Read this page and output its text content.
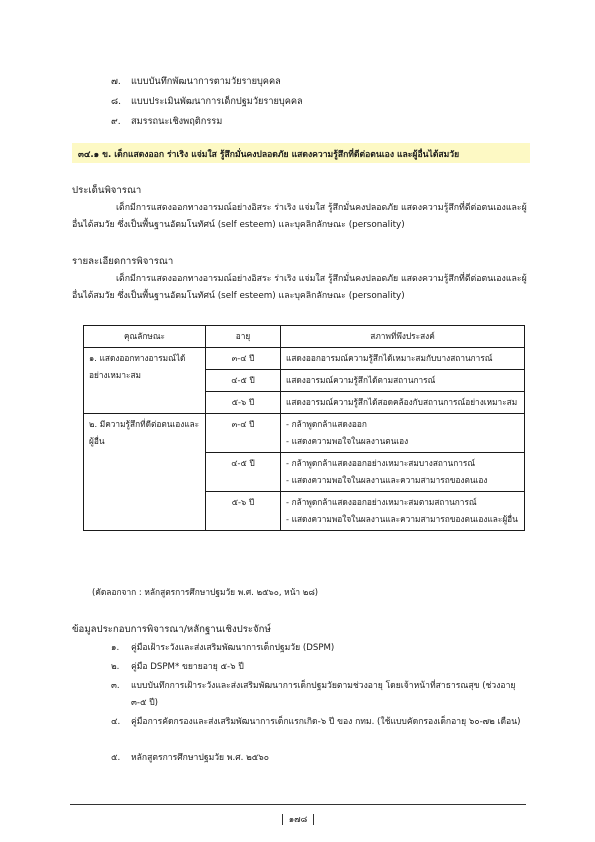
๗. แบบบันทึกพัฒนาการตามวัยรายบุคคล
๘. แบบประเมินพัฒนาการเด็กปฐมวัยรายบุคคล
๙. สมรรถนะเชิงพฤติกรรม
๓๔.๑ ข. เด็กแสดงออก ร่าเริง แจ่มใส รู้สึกมั่นคงปลอดภัย แสดงความรู้สึกที่ดีต่อตนเอง และผู้อื่นได้สมวัย
ประเด็นพิจารณา
เด็กมีการแสดงออกทางอารมณ์อย่างอิสระ ร่าเริง แจ่มใส รู้สึกมั่นคงปลอดภัย แสดงความรู้สึกที่ดีต่อตนเองและผู้อื่นได้สมวัย ซึ่งเป็นพื้นฐานอัตมโนทัศน์ (self esteem) และบุคลิกลักษณะ (personality)
รายละเอียดการพิจารณา
เด็กมีการแสดงออกทางอารมณ์อย่างอิสระ ร่าเริง แจ่มใส รู้สึกมั่นคงปลอดภัย แสดงความรู้สึกที่ดีต่อตนเองและผู้อื่นได้สมวัย ซึ่งเป็นพื้นฐานอัตมโนทัศน์ (self esteem) และบุคลิกลักษณะ (personality)
คุณลักษณะ	อายุ	สภาพที่พึงประสงค์
๑. แสดงออกทางอารมณ์ได้อย่างเหมาะสม	๓-๔ ปี	แสดงออกอารมณ์ความรู้สึกได้เหมาะสมกับบางสถานการณ์
	๔-๕ ปี	แสดงอารมณ์ความรู้สึกได้ตามสถานการณ์
	๕-๖ ปี	แสดงอารมณ์ความรู้สึกได้สอดคล้องกับสถานการณ์อย่างเหมาะสม
๒. มีความรู้สึกที่ดีต่อตนเองและผู้อื่น	๓-๔ ปี	- กล้าพูดกล้าแสดงออก
- แสดงความพอใจในผลงานตนเอง
	๔-๕ ปี	- กล้าพูดกล้าแสดงออกอย่างเหมาะสมบางสถานการณ์
- แสดงความพอใจในผลงานและความสามารถของตนเอง
	๕-๖ ปี	- กล้าพูดกล้าแสดงออกอย่างเหมาะสมตามสถานการณ์
- แสดงความพอใจในผลงานและความสามารถของตนเองและผู้อื่น
(คัดลอกจาก : หลักสูตรการศึกษาปฐมวัย พ.ศ. ๒๕๖๐, หน้า ๒๘)
ข้อมูลประกอบการพิจารณา/หลักฐานเชิงประจักษ์
๑. คู่มือเฝ้าระวังและส่งเสริมพัฒนาการเด็กปฐมวัย (DSPM)
๒. คู่มือ DSPM* ขยายอายุ ๕-๖ ปี
๓. แบบบันทึกการเฝ้าระวังและส่งเสริมพัฒนาการเด็กปฐมวัยตามช่วงอายุ โดยเจ้าหน้าที่สาธารณสุข (ช่วงอายุ ๓-๕ ปี)
๔. คู่มือการคัดกรองและส่งเสริมพัฒนาการเด็กแรกเกิด-๖ ปี ของ กทม. (ใช้แบบคัดกรองเด็กอายุ ๖๐-๗๒ เดือน)
๕. หลักสูตรการศึกษาปฐมวัย พ.ศ. ๒๕๖๐
๑๗๘
